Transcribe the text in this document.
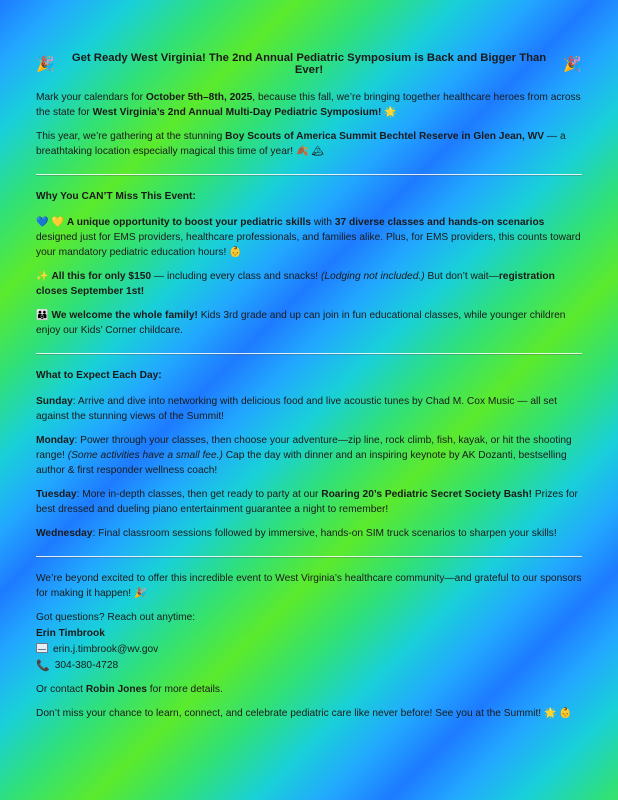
🎉	Get Ready West Virginia! The 2nd Annual Pediatric Symposium is Back and Bigger Than Ever!	🎉

Mark your calendars for October 5th–8th, 2025, because this fall, we’re bringing together healthcare heroes from across the state for West Virginia’s 2nd Annual Multi-Day Pediatric Symposium! 🌟

This year, we’re gathering at the stunning Boy Scouts of America Summit Bechtel Reserve in Glen Jean, WV — a breathtaking location especially magical this time of year! 🍂 🏔

Why You CAN’T Miss This Event:

💙 💛 A unique opportunity to boost your pediatric skills with 37 diverse classes and hands-on scenarios designed just for EMS providers, healthcare professionals, and families alike. Plus, for EMS providers, this counts toward your mandatory pediatric education hours! 👶

✨ All this for only $150 — including every class and snacks! (Lodging not included.) But don’t wait—registration closes September 1st!

👪 We welcome the whole family! Kids 3rd grade and up can join in fun educational classes, while younger children enjoy our Kids’ Corner childcare.

What to Expect Each Day:

Sunday: Arrive and dive into networking with delicious food and live acoustic tunes by Chad M. Cox Music — all set against the stunning views of the Summit!

Monday: Power through your classes, then choose your adventure—zip line, rock climb, fish, kayak, or hit the shooting range! (Some activities have a small fee.) Cap the day with dinner and an inspiring keynote by AK Dozanti, bestselling author & first responder wellness coach!

Tuesday: More in-depth classes, then get ready to party at our Roaring 20’s Pediatric Secret Society Bash! Prizes for best dressed and dueling piano entertainment guarantee a night to remember!

Wednesday: Final classroom sessions followed by immersive, hands-on SIM truck scenarios to sharpen your skills!

We’re beyond excited to offer this incredible event to West Virginia’s healthcare community—and grateful to our sponsors for making it happen! 🎉

Got questions? Reach out anytime:

Erin Timbrook

erin.j.timbrook@wv.gov

📞 304-380-4728

Or contact Robin Jones for more details.

Don’t miss your chance to learn, connect, and celebrate pediatric care like never before! See you at the Summit! 🌟 👶
